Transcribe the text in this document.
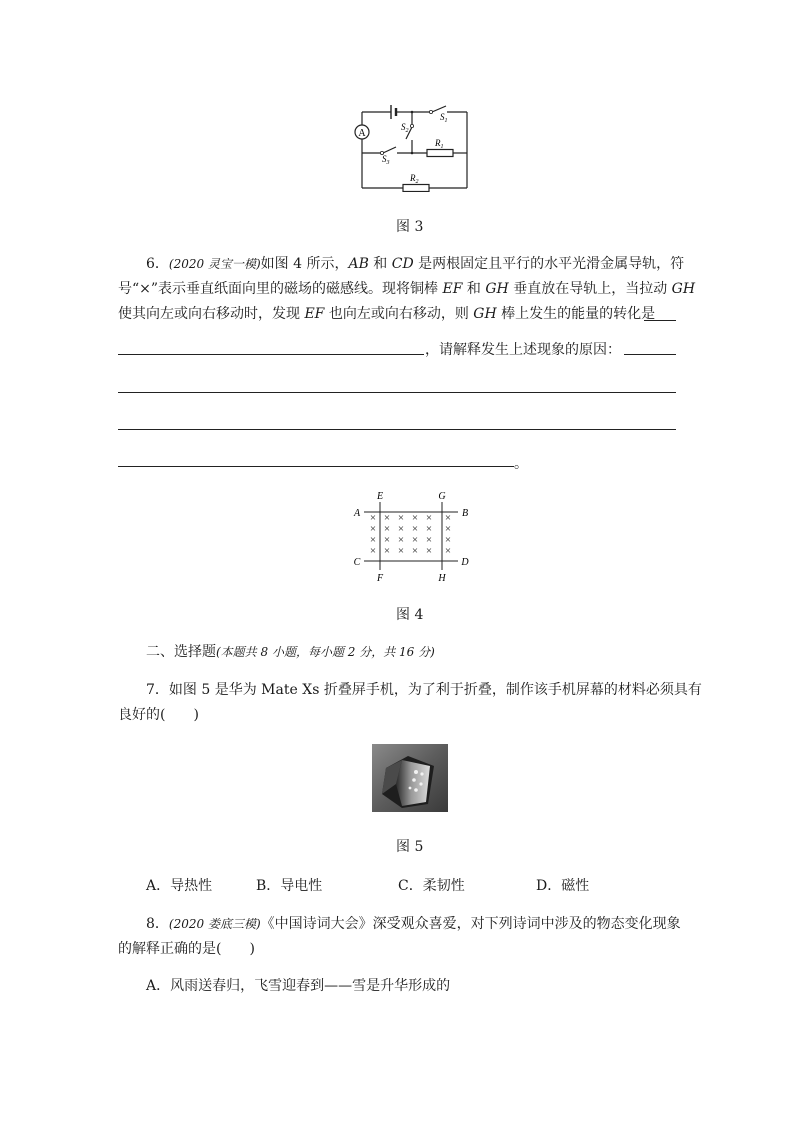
A
$S_1$
$S_2$
$S_3$
$R_1$
$R_2$
图 3
6．(2020 灵宝一模)如图 4 所示，AB 和 CD 是两根固定且平行的水平光滑金属导轨，符
号“×”表示垂直纸面向里的磁场的磁感线。现将铜棒 EF 和 GH 垂直放在导轨上，当拉动 GH
使其向左或向右移动时，发现 EF 也向左或向右移动，则 GH 棒上发生的能量的转化是
，请解释发生上述现象的原因：
。
× × × × × ×
× × × × × ×
× × × × × ×
× × × × × ×
A	B
C	D
E	G
F	H
图 4
二、选择题(本题共 8 小题，每小题 2 分，共 16 分)
7．如图 5 是华为 Mate Xs 折叠屏手机，为了利于折叠，制作该手机屏幕的材料必须具有
良好的(　　)
图 5
A．导热性	B．导电性	C．柔韧性	D．磁性
8．(2020 娄底三模)《中国诗词大会》深受观众喜爱，对下列诗词中涉及的物态变化现象
的解释正确的是(　　)
A．风雨送春归，飞雪迎春到——雪是升华形成的
